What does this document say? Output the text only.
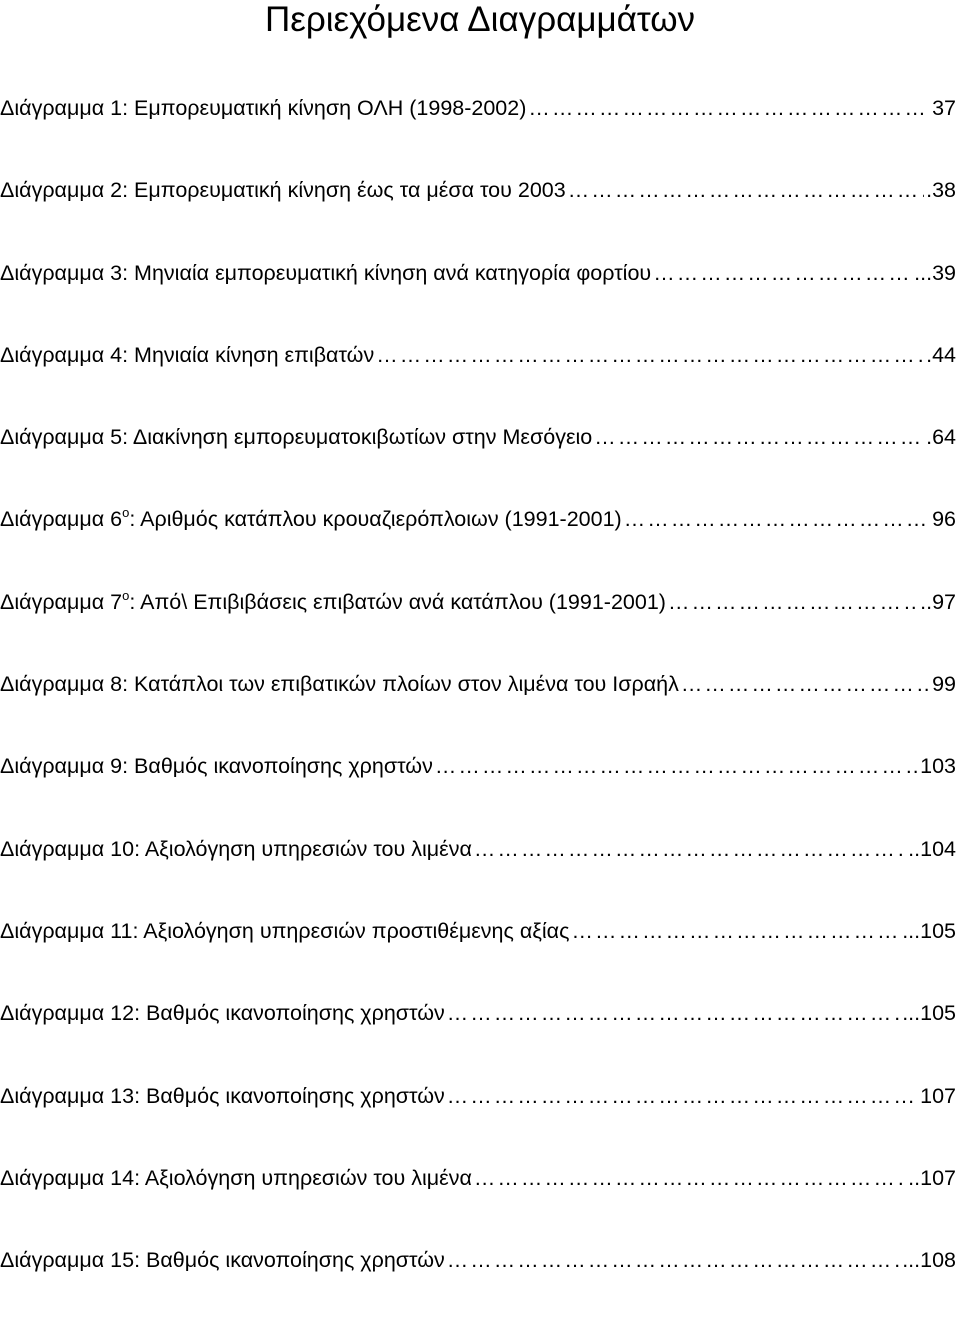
Περιεχόμενα Διαγραμμάτων
Διάγραμμα 1: Εμπορευματική κίνηση ΟΛΗ (1998-2002) …………………………………………………………………………………………………………………………………………	37
Διάγραμμα 2: Εμπορευματική κίνηση έως τα μέσα του 2003 …………………………………………………………………………………………………………………………………………	.38
Διάγραμμα 3: Μηνιαία εμπορευματική κίνηση ανά κατηγορία φορτίου …………………………………………………………………………………………………………………………………………	...39
Διάγραμμα 4: Μηνιαία κίνηση επιβατών …………………………………………………………………………………………………………………………………………	.44
Διάγραμμα 5: Διακίνηση εμπορευματοκιβωτίων στην Μεσόγειο …………………………………………………………………………………………………………………………………………	.64
Διάγραμμα $6^o$: Αριθμός κατάπλου κρουαζιερόπλοιων (1991-2001) …………………………………………………………………………………………………………………………………………	96
Διάγραμμα $7^o$: Από\ Επιβιβάσεις επιβατών ανά κατάπλου (1991-2001) …………………………………………………………………………………………………………………………………………	..97
Διάγραμμα 8: Κατάπλοι των επιβατικών πλοίων στον λιμένα του Ισραήλ …………………………………………………………………………………………………………………………………………	99
Διάγραμμα 9: Βαθμός ικανοποίησης χρηστών …………………………………………………………………………………………………………………………………………	103
Διάγραμμα 10: Αξιολόγηση υπηρεσιών του λιμένα …………………………………………………………………………………………………………………………………………	..104
Διάγραμμα 11: Αξιολόγηση υπηρεσιών προστιθέμενης αξίας …………………………………………………………………………………………………………………………………………	...105
Διάγραμμα 12: Βαθμός ικανοποίησης χρηστών …………………………………………………………………………………………………………………………………………	...105
Διάγραμμα 13: Βαθμός ικανοποίησης χρηστών …………………………………………………………………………………………………………………………………………	. 107
Διάγραμμα 14: Αξιολόγηση υπηρεσιών του λιμένα …………………………………………………………………………………………………………………………………………	..107
Διάγραμμα 15: Βαθμός ικανοποίησης χρηστών …………………………………………………………………………………………………………………………………………	...108
